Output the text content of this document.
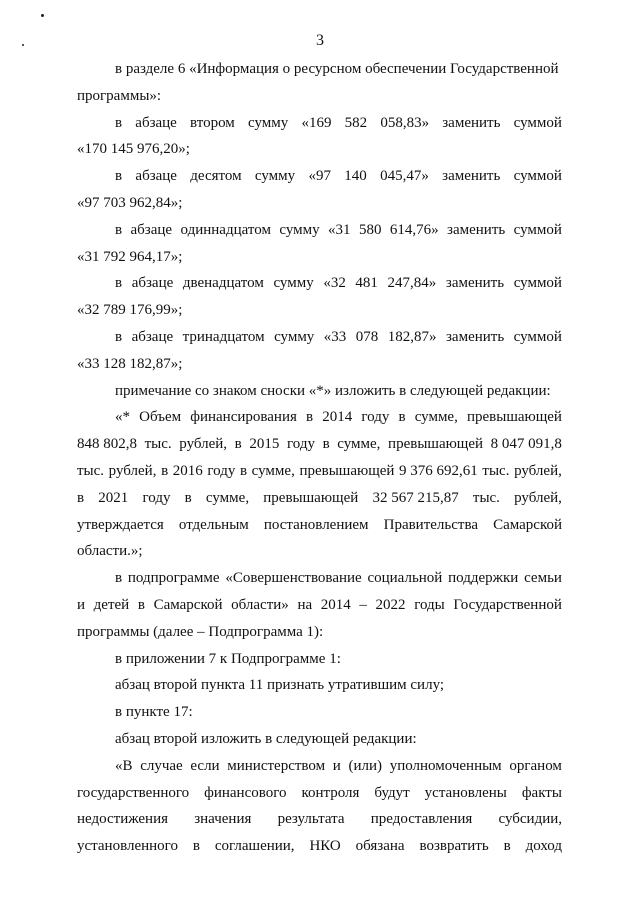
3
в разделе 6 «Информация о ресурсном обеспечении Государственной
программы»:
в абзаце втором сумму «169 582 058,83» заменить суммой
«170 145 976,20»;
в абзаце десятом сумму «97 140 045,47» заменить суммой
«97 703 962,84»;
в абзаце одиннадцатом сумму «31 580 614,76» заменить суммой
«31 792 964,17»;
в абзаце двенадцатом сумму «32 481 247,84» заменить суммой
«32 789 176,99»;
в абзаце тринадцатом сумму «33 078 182,87» заменить суммой
«33 128 182,87»;
примечание со знаком сноски «*» изложить в следующей редакции:
«* Объем финансирования в 2014 году в сумме, превышающей
848 802,8 тыс. рублей, в 2015 году в сумме, превышающей 8 047 091,8
тыс. рублей, в 2016 году в сумме, превышающей 9 376 692,61 тыс. рублей,
в 2021 году в сумме, превышающей 32 567 215,87 тыс. рублей,
утверждается отдельным постановлением Правительства Самарской
области.»;
в подпрограмме «Совершенствование социальной поддержки семьи
и детей в Самарской области» на 2014 – 2022 годы Государственной
программы (далее – Подпрограмма 1):
в приложении 7 к Подпрограмме 1:
абзац второй пункта 11 признать утратившим силу;
в пункте 17:
абзац второй изложить в следующей редакции:
«В случае если министерством и (или) уполномоченным органом
государственного финансового контроля будут установлены факты
недостижения значения результата предоставления субсидии,
установленного в соглашении, НКО обязана возвратить в доход
